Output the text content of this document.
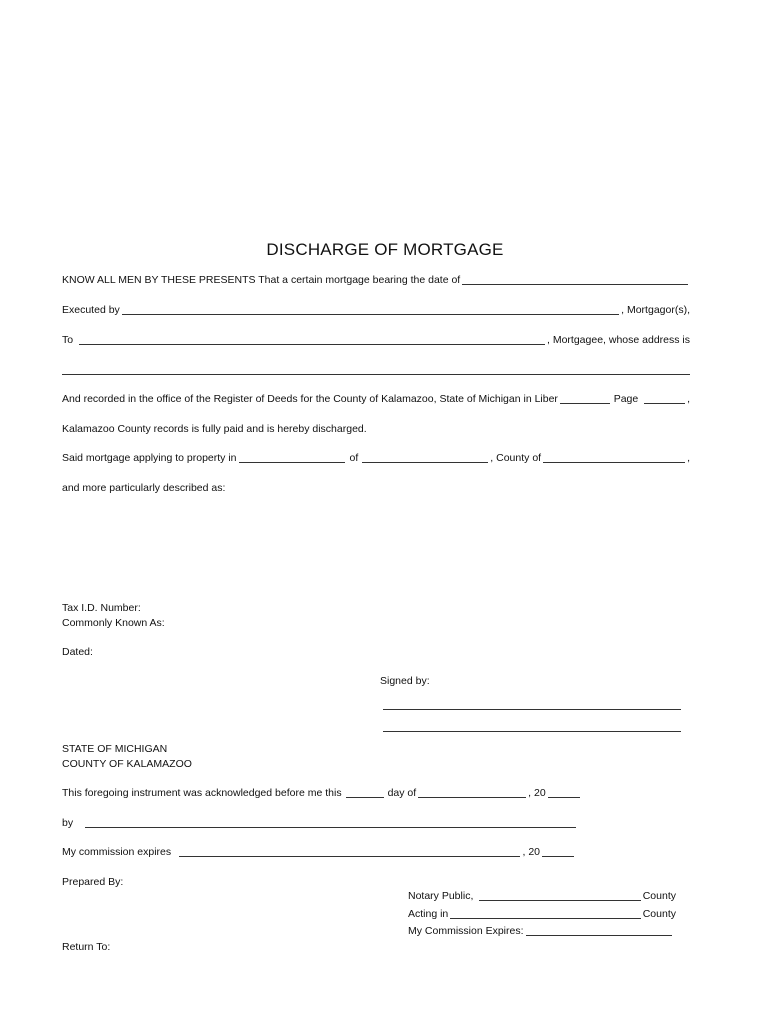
DISCHARGE OF MORTGAGE
KNOW ALL MEN BY THESE PRESENTS That a certain mortgage bearing the date of
Executed by	, Mortgagor(s),
To	, Mortgagee, whose address is
And recorded in the office of the Register of Deeds for the County of Kalamazoo, State of Michigan in Liber	Page	,
Kalamazoo County records is fully paid and is hereby discharged.
Said mortgage applying to property in	of	, County of	,
and more particularly described as:
Tax I.D. Number:
Commonly Known As:
Dated:
Signed by:
STATE OF MICHIGAN
COUNTY OF KALAMAZOO
This foregoing instrument was acknowledged before me this	day of	, 20
by
My commission expires	, 20
Prepared By:
Notary Public,	County
Acting in	County
My Commission Expires:
Return To:
